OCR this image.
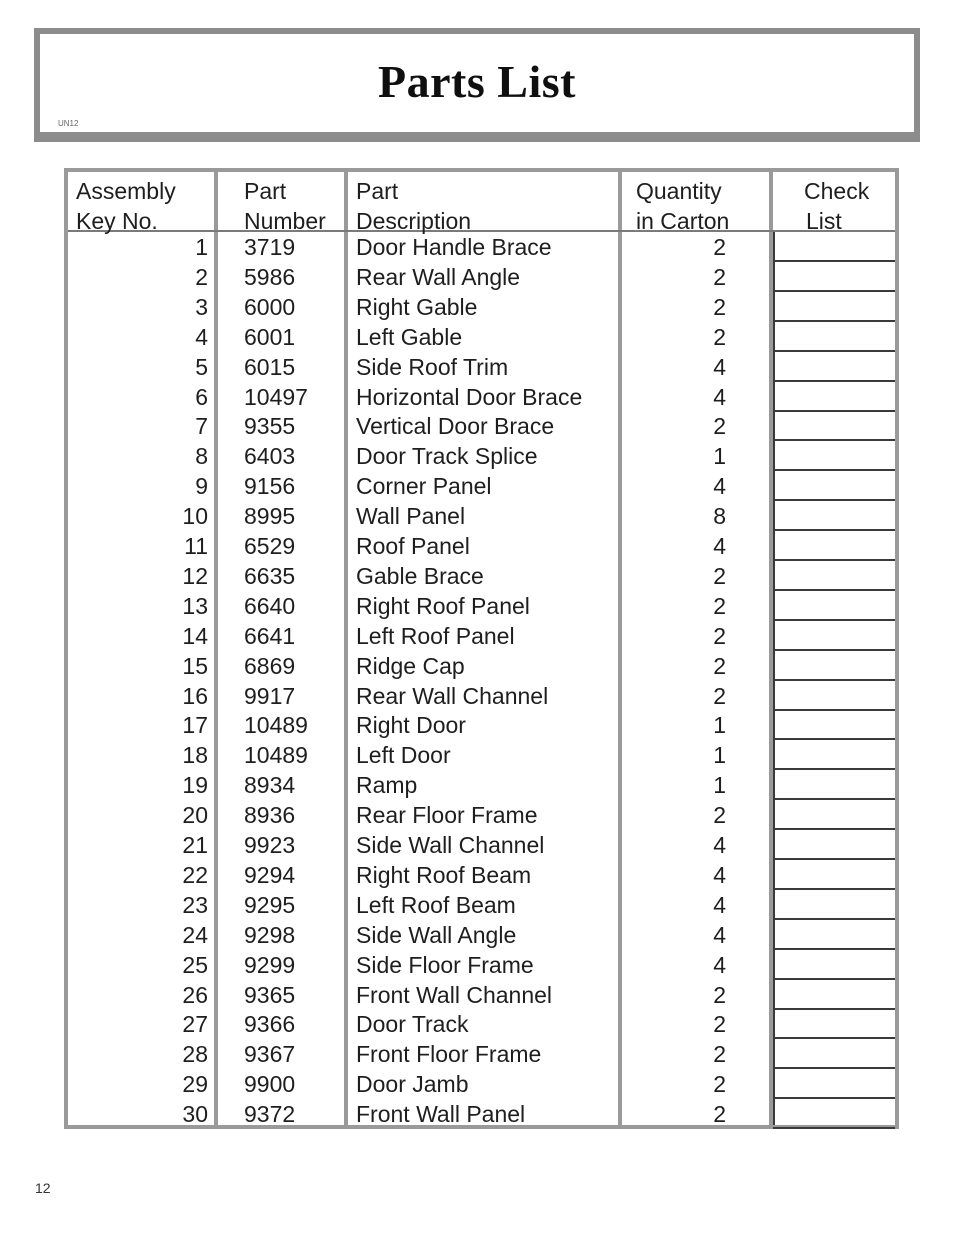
Parts List
UN12
Assembly
Key No.
Part
Number
Part
Description
Quantity
in Carton
Check
List
1 3719	Door Handle Brace	2
2 5986	Rear Wall Angle	2
3 6000	Right Gable	2
4 6001	Left Gable	2
5 6015	Side Roof Trim	4
6 10497 Horizontal Door Brace	4
7 9355	Vertical Door Brace	2
8 6403	Door Track Splice	1
9 9156	Corner Panel	4
10 8995	Wall Panel	8
11 6529	Roof Panel	4
12 6635	Gable Brace	2
13 6640	Right Roof Panel	2
14 6641	Left Roof Panel	2
15 6869	Ridge Cap	2
16 9917	Rear Wall Channel	2
17 10489 Right Door	1
18 10489 Left Door	1
19 8934	Ramp	1
20 8936	Rear Floor Frame	2
21 9923	Side Wall Channel	4
22 9294	Right Roof Beam	4
23 9295	Left Roof Beam	4
24 9298	Side Wall Angle	4
25 9299	Side Floor Frame	4
26 9365	Front Wall Channel	2
27 9366	Door Track	2
28 9367	Front Floor Frame	2
29 9900	Door Jamb	2
30 9372	Front Wall Panel	2
12
